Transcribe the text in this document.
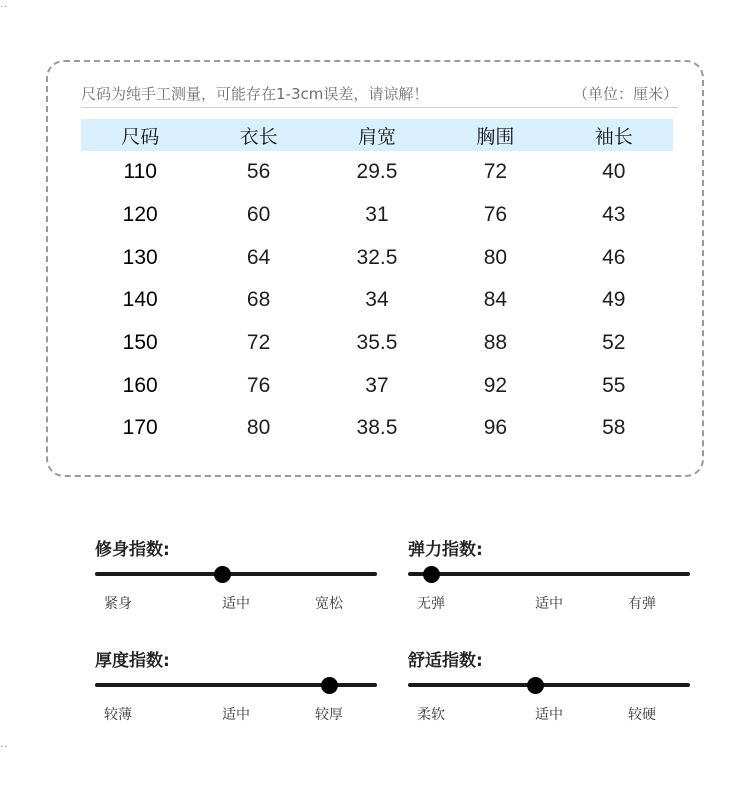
··
··
尺码为纯手工测量，可能存在1-3cm误差，请谅解！	（单位：厘米）
尺码	衣长	肩宽	胸围	袖长
110	56	29.5	72	40
120	60	31	76	43
130	64	32.5	80	46
140	68	34	84	49
150	72	35.5	88	52
160	76	37	92	55
170	80	38.5	96	58
修身指数:
紧身	适中	宽松
弹力指数:
无弹	适中	有弹
厚度指数:
较薄	适中	较厚
舒适指数:
柔软	适中	较硬
